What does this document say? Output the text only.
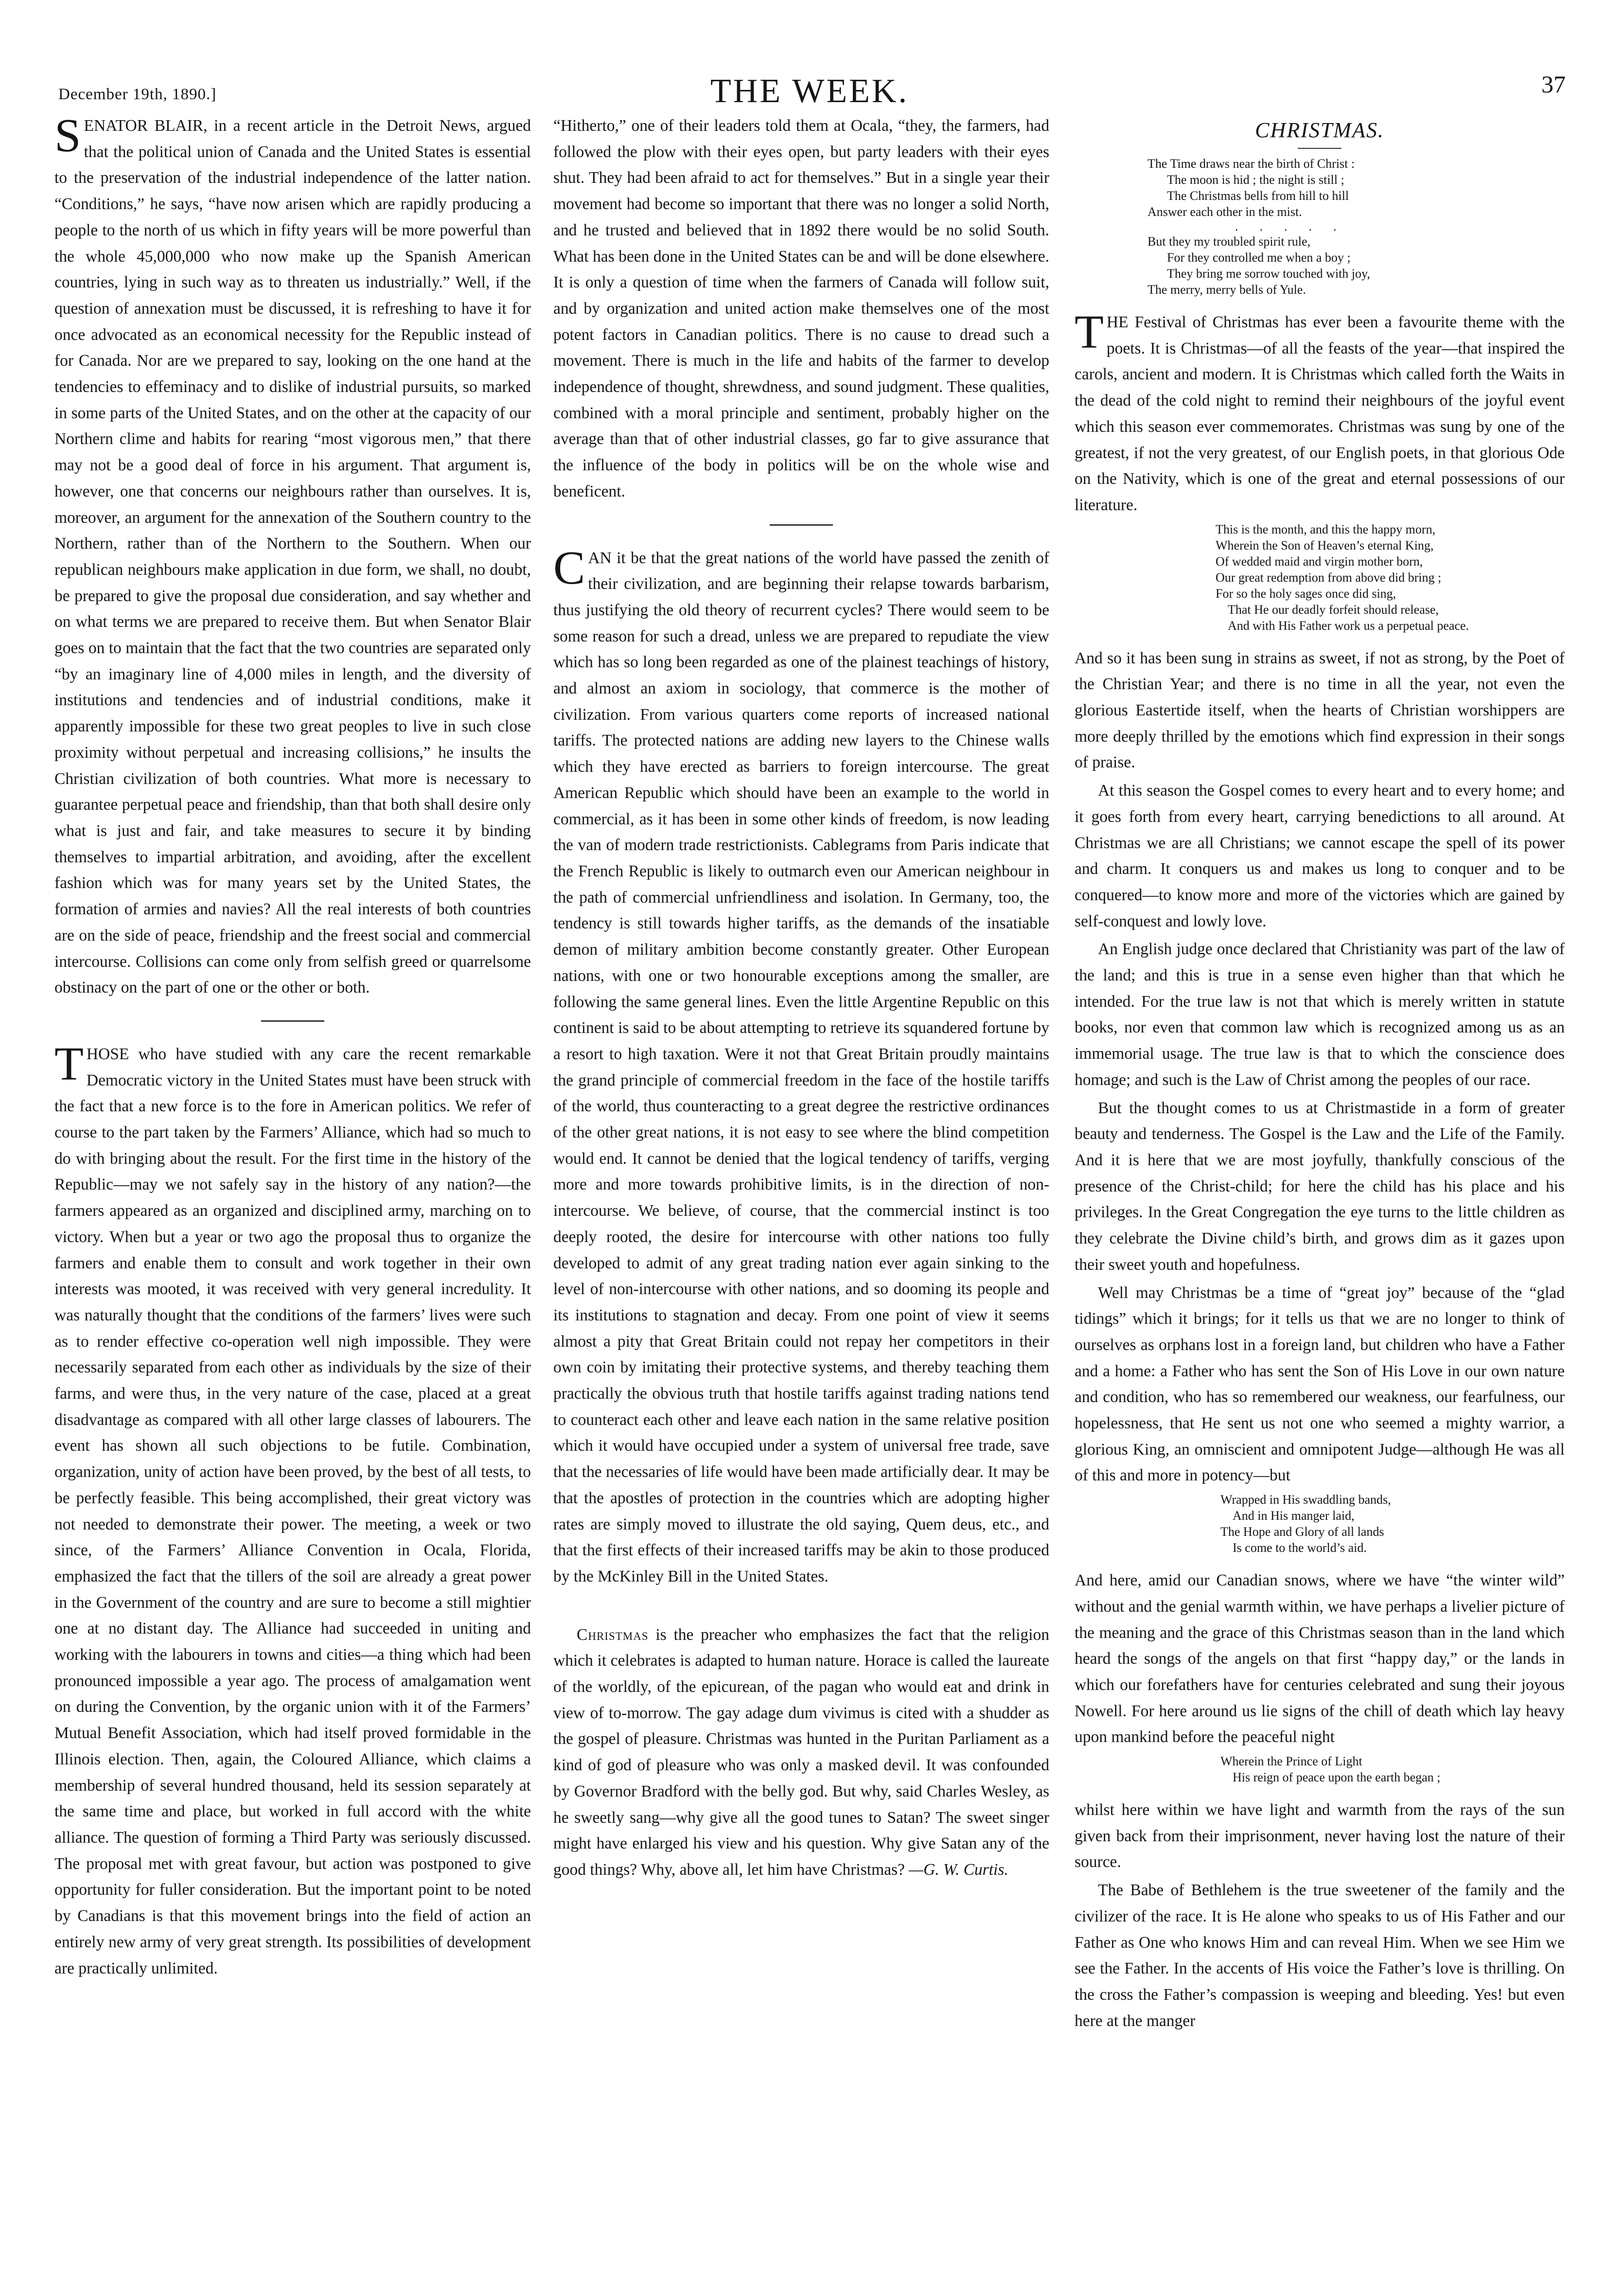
December 19th, 1890.]	THE WEEK.	37

SENATOR BLAIR, in a recent article in the Detroit News, argued that the political union of Canada and the United States is essential to the preservation of the industrial independence of the latter nation. “Conditions,” he says, “have now arisen which are rapidly producing a people to the north of us which in fifty years will be more powerful than the whole 45,000,000 who now make up the Spanish American countries, lying in such way as to threaten us industrially.” Well, if the question of annexation must be discussed, it is refreshing to have it for once advocated as an economical necessity for the Republic instead of for Canada. Nor are we prepared to say, looking on the one hand at the tendencies to effeminacy and to dislike of industrial pursuits, so marked in some parts of the United States, and on the other at the capacity of our Northern clime and habits for rearing “most vigorous men,” that there may not be a good deal of force in his argument. That argument is, however, one that concerns our neighbours rather than ourselves. It is, moreover, an argument for the annexation of the Southern country to the Northern, rather than of the Northern to the Southern. When our republican neighbours make application in due form, we shall, no doubt, be prepared to give the proposal due consideration, and say whether and on what terms we are prepared to receive them. But when Senator Blair goes on to maintain that the fact that the two countries are separated only “by an imaginary line of 4,000 miles in length, and the diversity of institutions and tendencies and of industrial conditions, make it apparently impossible for these two great peoples to live in such close proximity without perpetual and increasing collisions,” he insults the Christian civilization of both countries. What more is necessary to guarantee perpetual peace and friendship, than that both shall desire only what is just and fair, and take measures to secure it by binding themselves to impartial arbitration, and avoiding, after the excellent fashion which was for many years set by the United States, the formation of armies and navies? All the real interests of both countries are on the side of peace, friendship and the freest social and commercial intercourse. Collisions can come only from selfish greed or quarrelsome obstinacy on the part of one or the other or both.

THOSE who have studied with any care the recent remarkable Democratic victory in the United States must have been struck with the fact that a new force is to the fore in American politics. We refer of course to the part taken by the Farmers’ Alliance, which had so much to do with bringing about the result. For the first time in the history of the Republic—may we not safely say in the history of any nation?—the farmers appeared as an organized and disciplined army, marching on to victory. When but a year or two ago the proposal thus to organize the farmers and enable them to consult and work together in their own interests was mooted, it was received with very general incredulity. It was naturally thought that the conditions of the farmers’ lives were such as to render effective co-operation well nigh impossible. They were necessarily separated from each other as individuals by the size of their farms, and were thus, in the very nature of the case, placed at a great disadvantage as compared with all other large classes of labourers. The event has shown all such objections to be futile. Combination, organization, unity of action have been proved, by the best of all tests, to be perfectly feasible. This being accomplished, their great victory was not needed to demonstrate their power. The meeting, a week or two since, of the Farmers’ Alliance Convention in Ocala, Florida, emphasized the fact that the tillers of the soil are already a great power in the Government of the country and are sure to become a still mightier one at no distant day. The Alliance had succeeded in uniting and working with the labourers in towns and cities—a thing which had been pronounced impossible a year ago. The process of amalgamation went on during the Convention, by the organic union with it of the Farmers’ Mutual Benefit Association, which had itself proved formidable in the Illinois election. Then, again, the Coloured Alliance, which claims a membership of several hundred thousand, held its session separately at the same time and place, but worked in full accord with the white alliance. The question of forming a Third Party was seriously discussed. The proposal met with great favour, but action was postponed to give opportunity for fuller consideration. But the important point to be noted by Canadians is that this movement brings into the field of action an entirely new army of very great strength. Its possibilities of development are practically unlimited.

“Hitherto,” one of their leaders told them at Ocala, “they, the farmers, had followed the plow with their eyes open, but party leaders with their eyes shut. They had been afraid to act for themselves.” But in a single year their movement had become so important that there was no longer a solid North, and he trusted and believed that in 1892 there would be no solid South. What has been done in the United States can be and will be done elsewhere. It is only a question of time when the farmers of Canada will follow suit, and by organization and united action make themselves one of the most potent factors in Canadian politics. There is no cause to dread such a movement. There is much in the life and habits of the farmer to develop independence of thought, shrewdness, and sound judgment. These qualities, combined with a moral principle and sentiment, probably higher on the average than that of other industrial classes, go far to give assurance that the influence of the body in politics will be on the whole wise and beneficent.

CAN it be that the great nations of the world have passed the zenith of their civilization, and are beginning their relapse towards barbarism, thus justifying the old theory of recurrent cycles? There would seem to be some reason for such a dread, unless we are prepared to repudiate the view which has so long been regarded as one of the plainest teachings of history, and almost an axiom in sociology, that commerce is the mother of civilization. From various quarters come reports of increased national tariffs. The protected nations are adding new layers to the Chinese walls which they have erected as barriers to foreign intercourse. The great American Republic which should have been an example to the world in commercial, as it has been in some other kinds of freedom, is now leading the van of modern trade restrictionists. Cablegrams from Paris indicate that the French Republic is likely to outmarch even our American neighbour in the path of commercial unfriendliness and isolation. In Germany, too, the tendency is still towards higher tariffs, as the demands of the insatiable demon of military ambition become constantly greater. Other European nations, with one or two honourable exceptions among the smaller, are following the same general lines. Even the little Argentine Republic on this continent is said to be about attempting to retrieve its squandered fortune by a resort to high taxation. Were it not that Great Britain proudly maintains the grand principle of commercial freedom in the face of the hostile tariffs of the world, thus counteracting to a great degree the restrictive ordinances of the other great nations, it is not easy to see where the blind competition would end. It cannot be denied that the logical tendency of tariffs, verging more and more towards prohibitive limits, is in the direction of non-intercourse. We believe, of course, that the commercial instinct is too deeply rooted, the desire for intercourse with other nations too fully developed to admit of any great trading nation ever again sinking to the level of non-intercourse with other nations, and so dooming its people and its institutions to stagnation and decay. From one point of view it seems almost a pity that Great Britain could not repay her competitors in their own coin by imitating their protective systems, and thereby teaching them practically the obvious truth that hostile tariffs against trading nations tend to counteract each other and leave each nation in the same relative position which it would have occupied under a system of universal free trade, save that the necessaries of life would have been made artificially dear. It may be that the apostles of protection in the countries which are adopting higher rates are simply moved to illustrate the old saying, Quem deus, etc., and that the first effects of their increased tariffs may be akin to those produced by the McKinley Bill in the United States.

Christmas is the preacher who emphasizes the fact that the religion which it celebrates is adapted to human nature. Horace is called the laureate of the worldly, of the epicurean, of the pagan who would eat and drink in view of to-morrow. The gay adage dum vivimus is cited with a shudder as the gospel of pleasure. Christmas was hunted in the Puritan Parliament as a kind of god of pleasure who was only a masked devil. It was confounded by Governor Bradford with the belly god. But why, said Charles Wesley, as he sweetly sang—why give all the good tunes to Satan? The sweet singer might have enlarged his view and his question. Why give Satan any of the good things? Why, above all, let him have Christmas? —G. W. Curtis.

CHRISTMAS.
The Time draws near the birth of Christ :
The moon is hid ; the night is still ;
The Christmas bells from hill to hill
Answer each other in the mist.
.....
But they my troubled spirit rule,
For they controlled me when a boy ;
They bring me sorrow touched with joy,
The merry, merry bells of Yule.

THE Festival of Christmas has ever been a favourite theme with the poets. It is Christmas—of all the feasts of the year—that inspired the carols, ancient and modern. It is Christmas which called forth the Waits in the dead of the cold night to remind their neighbours of the joyful event which this season ever commemorates. Christmas was sung by one of the greatest, if not the very greatest, of our English poets, in that glorious Ode on the Nativity, which is one of the great and eternal possessions of our literature.

This is the month, and this the happy morn,
Wherein the Son of Heaven’s eternal King,
Of wedded maid and virgin mother born,
Our great redemption from above did bring ;
For so the holy sages once did sing,
That He our deadly forfeit should release,
And with His Father work us a perpetual peace.

And so it has been sung in strains as sweet, if not as strong, by the Poet of the Christian Year; and there is no time in all the year, not even the glorious Eastertide itself, when the hearts of Christian worshippers are more deeply thrilled by the emotions which find expression in their songs of praise.

At this season the Gospel comes to every heart and to every home; and it goes forth from every heart, carrying benedictions to all around. At Christmas we are all Christians; we cannot escape the spell of its power and charm. It conquers us and makes us long to conquer and to be conquered—to know more and more of the victories which are gained by self-conquest and lowly love.

An English judge once declared that Christianity was part of the law of the land; and this is true in a sense even higher than that which he intended. For the true law is not that which is merely written in statute books, nor even that common law which is recognized among us as an immemorial usage. The true law is that to which the conscience does homage; and such is the Law of Christ among the peoples of our race.

But the thought comes to us at Christmastide in a form of greater beauty and tenderness. The Gospel is the Law and the Life of the Family. And it is here that we are most joyfully, thankfully conscious of the presence of the Christ-child; for here the child has his place and his privileges. In the Great Congregation the eye turns to the little children as they celebrate the Divine child’s birth, and grows dim as it gazes upon their sweet youth and hopefulness.

Well may Christmas be a time of “great joy” because of the “glad tidings” which it brings; for it tells us that we are no longer to think of ourselves as orphans lost in a foreign land, but children who have a Father and a home: a Father who has sent the Son of His Love in our own nature and condition, who has so remembered our weakness, our fearfulness, our hopelessness, that He sent us not one who seemed a mighty warrior, a glorious King, an omniscient and omnipotent Judge—although He was all of this and more in potency—but

Wrapped in His swaddling bands,
And in His manger laid,
The Hope and Glory of all lands
Is come to the world’s aid.

And here, amid our Canadian snows, where we have “the winter wild” without and the genial warmth within, we have perhaps a livelier picture of the meaning and the grace of this Christmas season than in the land which heard the songs of the angels on that first “happy day,” or the lands in which our forefathers have for centuries celebrated and sung their joyous Nowell. For here around us lie signs of the chill of death which lay heavy upon mankind before the peaceful night

Wherein the Prince of Light
His reign of peace upon the earth began ;

whilst here within we have light and warmth from the rays of the sun given back from their imprisonment, never having lost the nature of their source.

The Babe of Bethlehem is the true sweetener of the family and the civilizer of the race. It is He alone who speaks to us of His Father and our Father as One who knows Him and can reveal Him. When we see Him we see the Father. In the accents of His voice the Father’s love is thrilling. On the cross the Father’s compassion is weeping and bleeding. Yes! but even here at the manger
